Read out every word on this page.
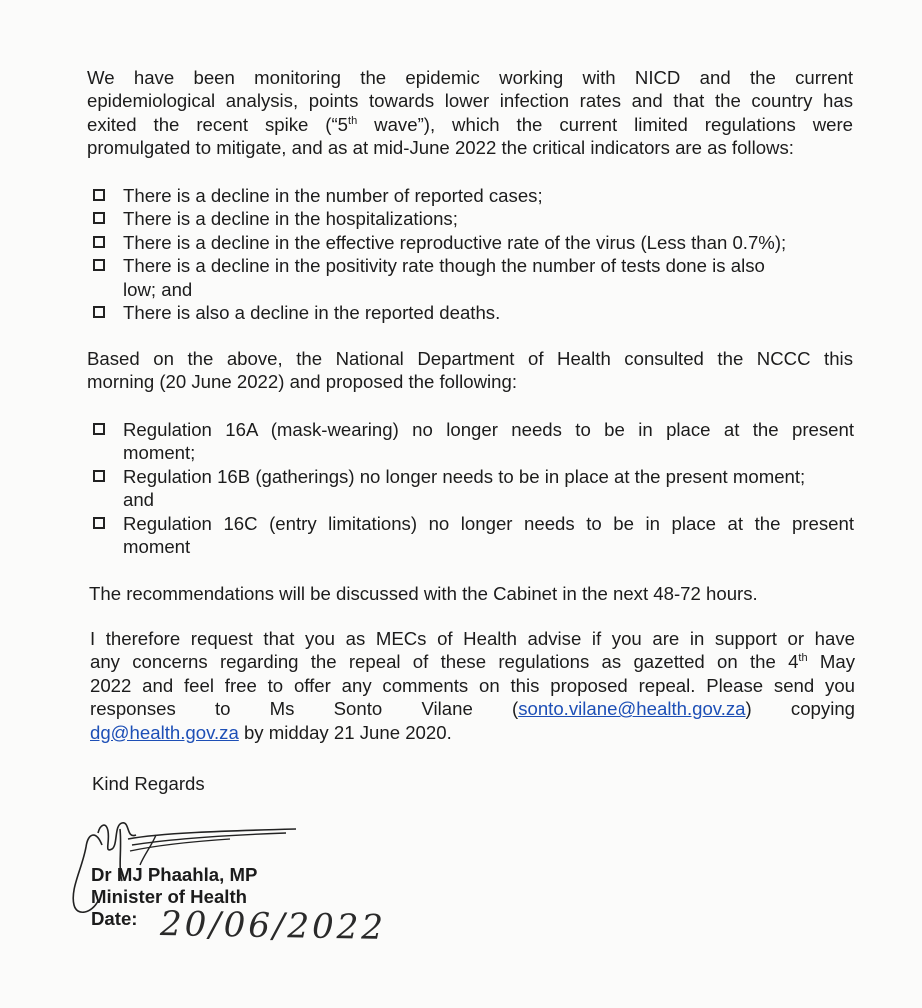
We have been monitoring the epidemic working with NICD and the current
epidemiological analysis, points towards lower infection rates and that the country has
exited the recent spike (“5th wave”), which the current limited regulations were
promulgated to mitigate, and as at mid-June 2022 the critical indicators are as follows:

There is a decline in the number of reported cases;
There is a decline in the hospitalizations;
There is a decline in the effective reproductive rate of the virus (Less than 0.7%);
There is a decline in the positivity rate though the number of tests done is also
low; and
There is also a decline in the reported deaths.

Based on the above, the National Department of Health consulted the NCCC this
morning (20 June 2022) and proposed the following:

Regulation 16A (mask-wearing) no longer needs to be in place at the present
moment;
Regulation 16B (gatherings) no longer needs to be in place at the present moment;
and
Regulation 16C (entry limitations) no longer needs to be in place at the present
moment

The recommendations will be discussed with the Cabinet in the next 48-72 hours.

I therefore request that you as MECs of Health advise if you are in support or have
any concerns regarding the repeal of these regulations as gazetted on the 4th May
2022 and feel free to offer any comments on this proposed repeal. Please send you
responses to Ms Sonto Vilane (sonto.vilane@health.gov.za) copying
dg@health.gov.za by midday 21 June 2020.

Kind Regards

Dr MJ Phaahla, MP
Minister of Health
Date: 20/06/2022
